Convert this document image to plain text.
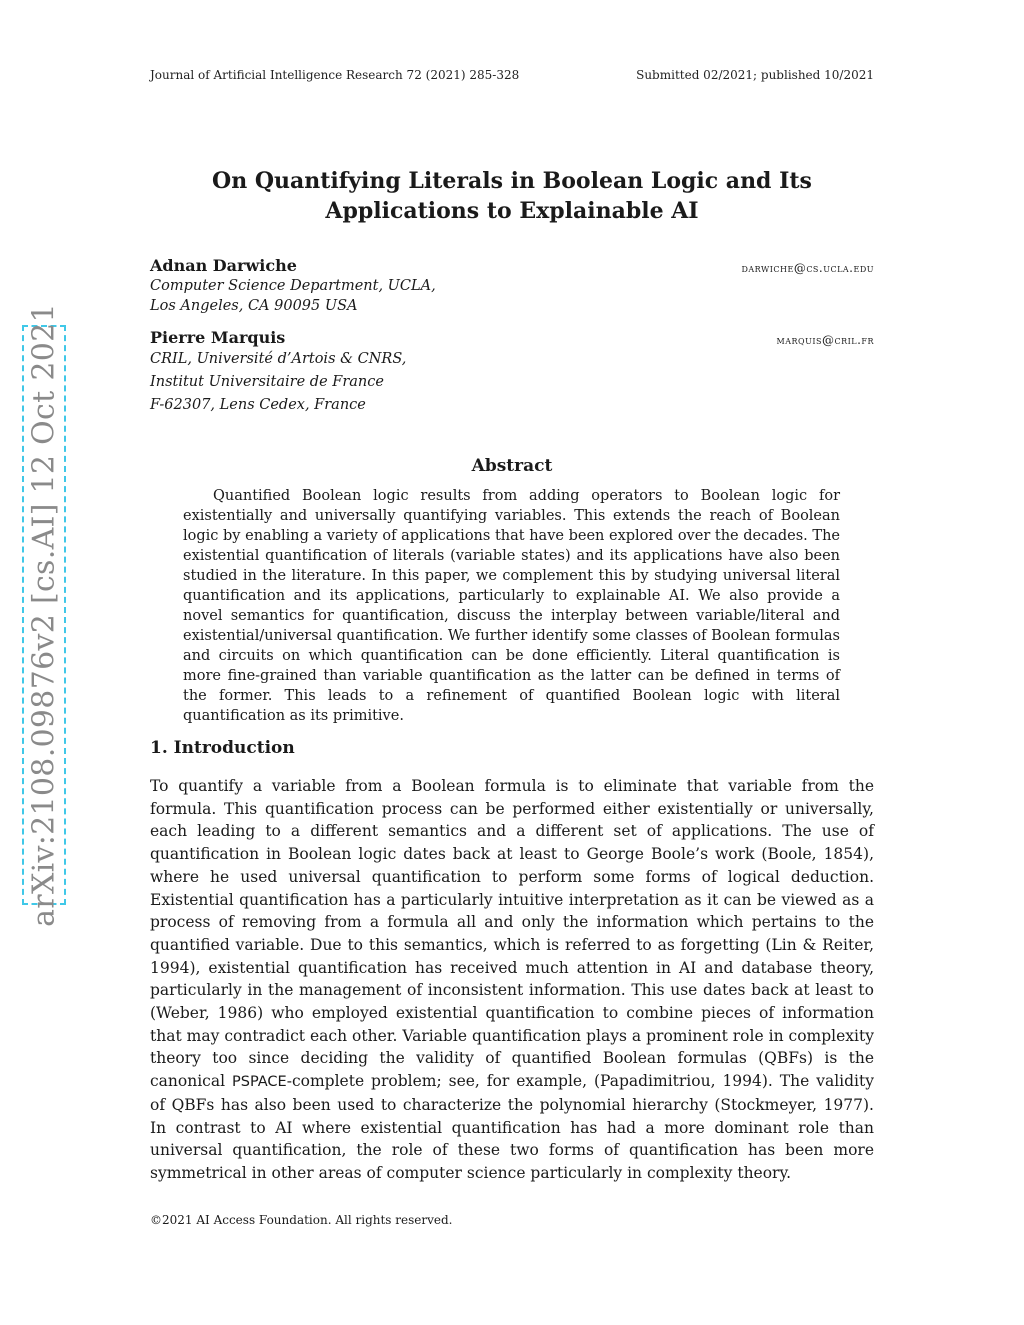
Journal of Artificial Intelligence Research 72 (2021) 285-328	Submitted 02/2021; published 10/2021
On Quantifying Literals in Boolean Logic and Its
Applications to Explainable AI
Adnan Darwiche	darwiche@cs.ucla.edu
Computer Science Department, UCLA,
Los Angeles, CA 90095 USA
Pierre Marquis	marquis@cril.fr
CRIL, Université d’Artois & CNRS,
Institut Universitaire de France
F-62307, Lens Cedex, France
Abstract
Quantified Boolean logic results from adding operators to Boolean logic for existentially and universally quantifying variables. This extends the reach of Boolean logic by enabling a variety of applications that have been explored over the decades. The existential quantification of literals (variable states) and its applications have also been studied in the literature. In this paper, we complement this by studying universal literal quantification and its applications, particularly to explainable AI. We also provide a novel semantics for quantification, discuss the interplay between variable/literal and existential/universal quantification. We further identify some classes of Boolean formulas and circuits on which quantification can be done efficiently. Literal quantification is more fine-grained than variable quantification as the latter can be defined in terms of the former. This leads to a refinement of quantified Boolean logic with literal quantification as its primitive.
1. Introduction
To quantify a variable from a Boolean formula is to eliminate that variable from the formula. This quantification process can be performed either existentially or universally, each leading to a different semantics and a different set of applications. The use of quantification in Boolean logic dates back at least to George Boole’s work (Boole, 1854), where he used universal quantification to perform some forms of logical deduction. Existential quantification has a particularly intuitive interpretation as it can be viewed as a process of removing from a formula all and only the information which pertains to the quantified variable. Due to this semantics, which is referred to as forgetting (Lin & Reiter, 1994), existential quantification has received much attention in AI and database theory, particularly in the management of inconsistent information. This use dates back at least to (Weber, 1986) who employed existential quantification to combine pieces of information that may contradict each other. Variable quantification plays a prominent role in complexity theory too since deciding the validity of quantified Boolean formulas (QBFs) is the canonical PSPACE-complete problem; see, for example, (Papadimitriou, 1994). The validity of QBFs has also been used to characterize the polynomial hierarchy (Stockmeyer, 1977). In contrast to AI where existential quantification has had a more dominant role than universal quantification, the role of these two forms of quantification has been more symmetrical in other areas of computer science particularly in complexity theory.
©2021 AI Access Foundation. All rights reserved.
arXiv:2108.09876v2 [cs.AI] 12 Oct 2021
